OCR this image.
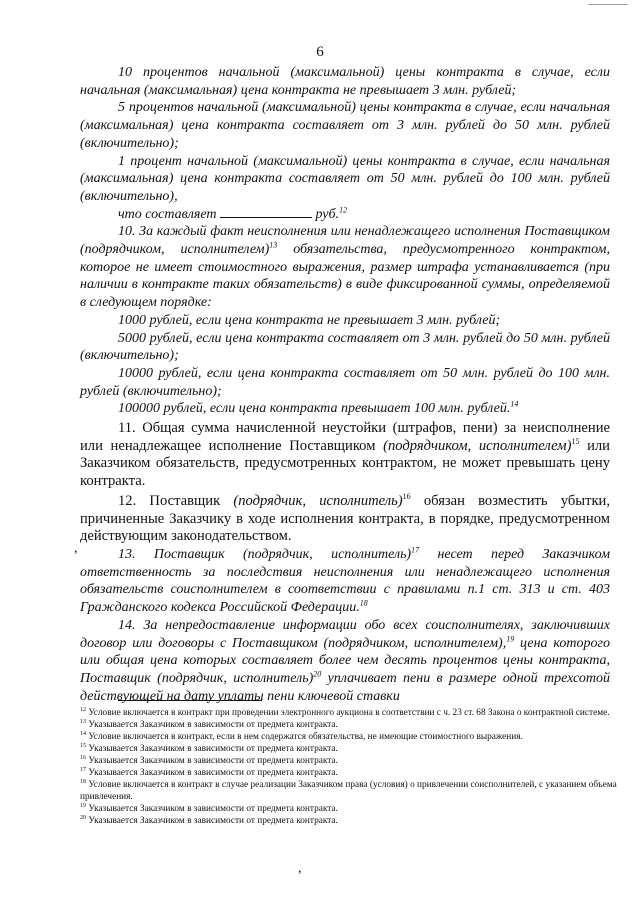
6

10 процентов начальной (максимальной) цены контракта в случае, если начальная (максимальная) цена контракта не превышает 3 млн. рублей;

5 процентов начальной (максимальной) цены контракта в случае, если начальная (максимальная) цена контракта составляет от 3 млн. рублей до 50 млн. рублей (включительно);

1 процент начальной (максимальной) цены контракта в случае, если начальная (максимальная) цена контракта составляет от 50 млн. рублей до 100 млн. рублей (включительно),

что составляет	руб.$^{12}$

10. За каждый факт неисполнения или ненадлежащего исполнения Поставщиком (подрядчиком, исполнителем)$^{13}$ обязательства, предусмотренного контрактом, которое не имеет стоимостного выражения, размер штрафа устанавливается (при наличии в контракте таких обязательств) в виде фиксированной суммы, определяемой в следующем порядке:

1000 рублей, если цена контракта не превышает 3 млн. рублей;

5000 рублей, если цена контракта составляет от 3 млн. рублей до 50 млн. рублей (включительно);

10000 рублей, если цена контракта составляет от 50 млн. рублей до 100 млн. рублей (включительно);

100000 рублей, если цена контракта превышает 100 млн. рублей.$^{14}$

11. Общая сумма начисленной неустойки (штрафов, пени) за неисполнение или ненадлежащее исполнение Поставщиком (подрядчиком, исполнителем)$^{15}$ или Заказчиком обязательств, предусмотренных контрактом, не может превышать цену контракта.

12. Поставщик (подрядчик, исполнитель)$^{16}$ обязан возместить убытки, причиненные Заказчику в ходе исполнения контракта, в порядке, предусмотренном действующим законодательством.

13. Поставщик (подрядчик, исполнитель)$^{17}$ несет перед Заказчиком ответственность за последствия неисполнения или ненадлежащего исполнения обязательств соисполнителем в соответствии с правилами п.1 ст. 313 и ст. 403 Гражданского кодекса Российской Федерации.$^{18}$

14. За непредоставление информации обо всех соисполнителях, заключивших договор или договоры с Поставщиком (подрядчиком, исполнителем),$^{19}$ цена которого или общая цена которых составляет более чем десять процентов цены контракта, Поставщик (подрядчик, исполнитель)$^{20}$ уплачивает пени в размере одной трехсотой действующей на дату уплаты пени ключевой ставки

,

$^{12}$ Условие включается в контракт при проведении электронного аукциона в соответствии с ч. 23 ст. 68 Закона о контрактной системе.

$^{13}$ Указывается Заказчиком в зависимости от предмета контракта.

$^{14}$ Условие включается в контракт, если в нем содержатся обязательства, не имеющие стоимостного выражения.

$^{15}$ Указывается Заказчиком в зависимости от предмета контракта.

$^{16}$ Указывается Заказчиком в зависимости от предмета контракта.

$^{17}$ Указывается Заказчиком в зависимости от предмета контракта.

$^{18}$ Условие включается в контракт в случае реализации Заказчиком права (условия) о привлечении соисполнителей, с указанием объема привлечения.

$^{19}$ Указывается Заказчиком в зависимости от предмета контракта.

$^{20}$ Указывается Заказчиком в зависимости от предмета контракта.

,
